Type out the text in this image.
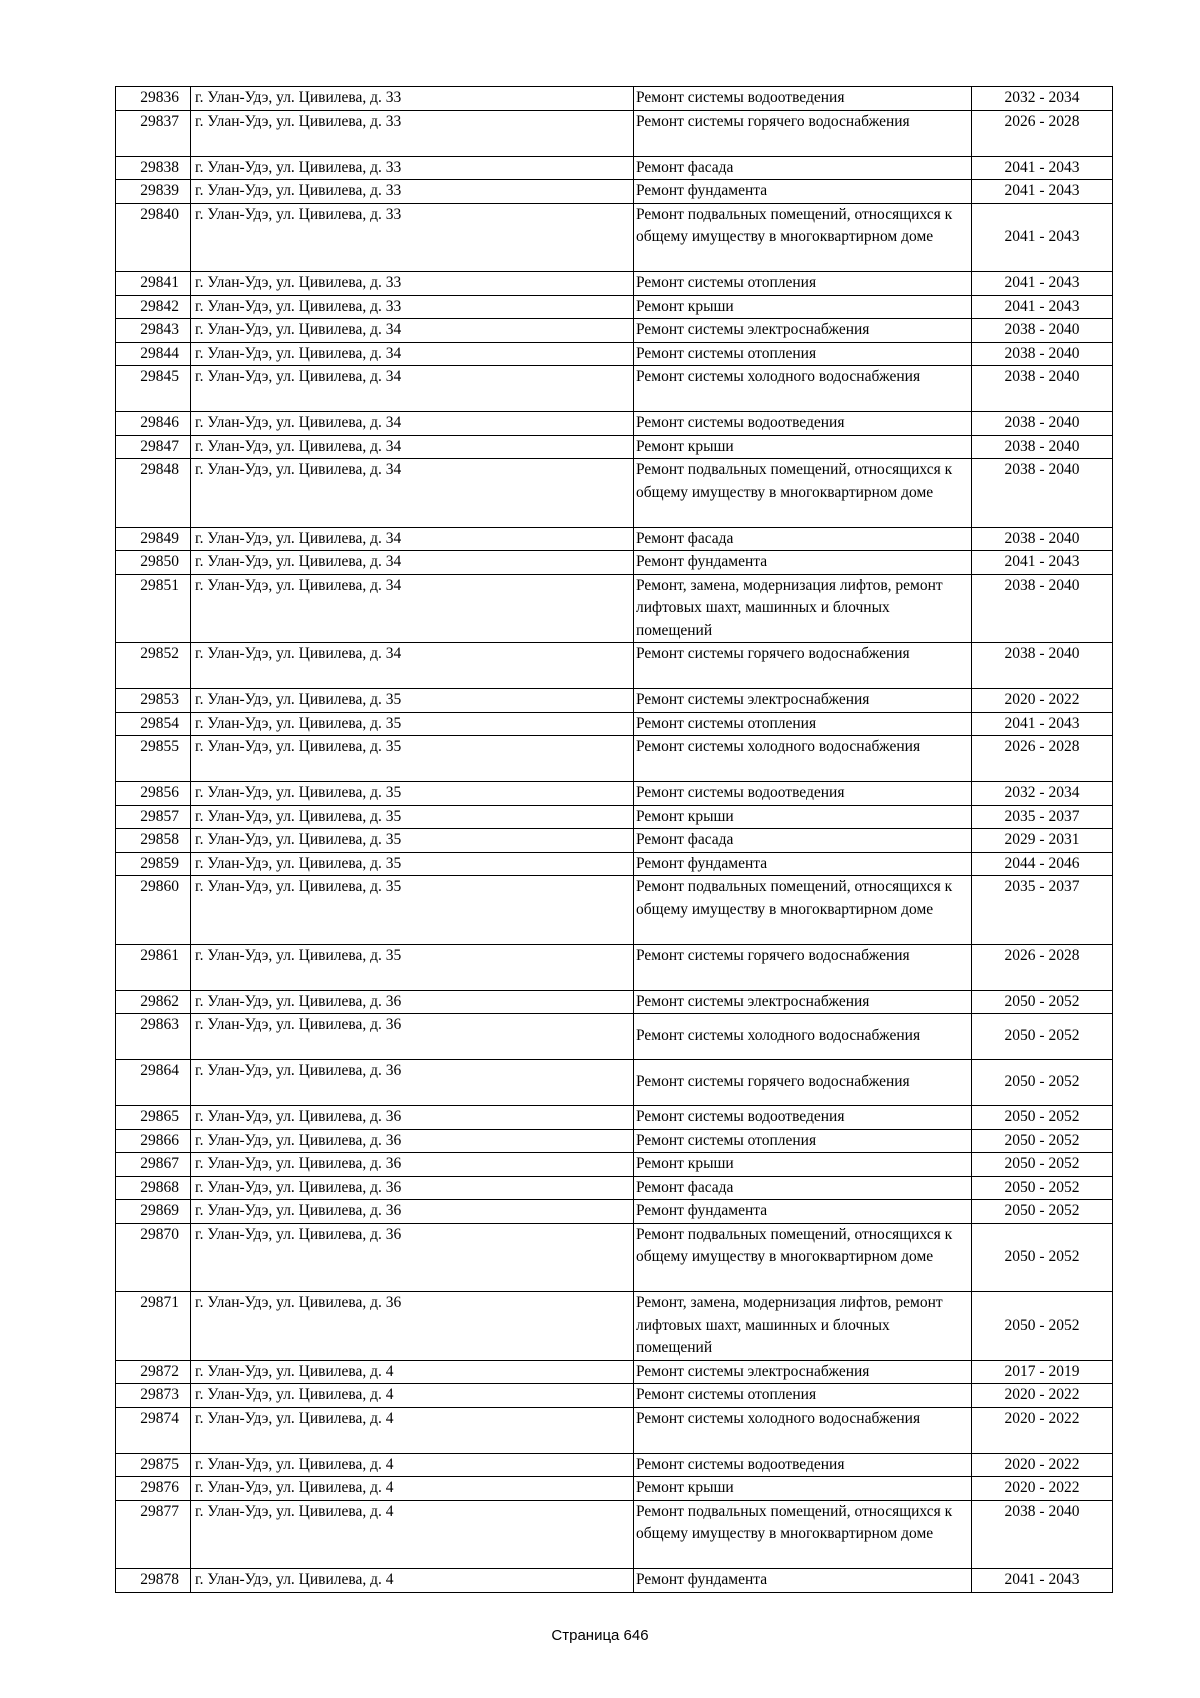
29836	г. Улан-Удэ, ул. Цивилева, д. 33	Ремонт системы водоотведения	2032 - 2034
29837	г. Улан-Удэ, ул. Цивилева, д. 33	Ремонт системы горячего водоснабжения	2026 - 2028
29838	г. Улан-Удэ, ул. Цивилева, д. 33	Ремонт фасада	2041 - 2043
29839	г. Улан-Удэ, ул. Цивилева, д. 33	Ремонт фундамента	2041 - 2043
29840	г. Улан-Удэ, ул. Цивилева, д. 33	Ремонт подвальных помещений, относящихся к общему имуществу в многоквартирном доме	2041 - 2043
29841	г. Улан-Удэ, ул. Цивилева, д. 33	Ремонт системы отопления	2041 - 2043
29842	г. Улан-Удэ, ул. Цивилева, д. 33	Ремонт крыши	2041 - 2043
29843	г. Улан-Удэ, ул. Цивилева, д. 34	Ремонт системы электроснабжения	2038 - 2040
29844	г. Улан-Удэ, ул. Цивилева, д. 34	Ремонт системы отопления	2038 - 2040
29845	г. Улан-Удэ, ул. Цивилева, д. 34	Ремонт системы холодного водоснабжения	2038 - 2040
29846	г. Улан-Удэ, ул. Цивилева, д. 34	Ремонт системы водоотведения	2038 - 2040
29847	г. Улан-Удэ, ул. Цивилева, д. 34	Ремонт крыши	2038 - 2040
29848	г. Улан-Удэ, ул. Цивилева, д. 34	Ремонт подвальных помещений, относящихся к общему имуществу в многоквартирном доме	2038 - 2040
29849	г. Улан-Удэ, ул. Цивилева, д. 34	Ремонт фасада	2038 - 2040
29850	г. Улан-Удэ, ул. Цивилева, д. 34	Ремонт фундамента	2041 - 2043
29851	г. Улан-Удэ, ул. Цивилева, д. 34	Ремонт, замена, модернизация лифтов, ремонт лифтовых шахт, машинных и блочных помещений	2038 - 2040
29852	г. Улан-Удэ, ул. Цивилева, д. 34	Ремонт системы горячего водоснабжения	2038 - 2040
29853	г. Улан-Удэ, ул. Цивилева, д. 35	Ремонт системы электроснабжения	2020 - 2022
29854	г. Улан-Удэ, ул. Цивилева, д. 35	Ремонт системы отопления	2041 - 2043
29855	г. Улан-Удэ, ул. Цивилева, д. 35	Ремонт системы холодного водоснабжения	2026 - 2028
29856	г. Улан-Удэ, ул. Цивилева, д. 35	Ремонт системы водоотведения	2032 - 2034
29857	г. Улан-Удэ, ул. Цивилева, д. 35	Ремонт крыши	2035 - 2037
29858	г. Улан-Удэ, ул. Цивилева, д. 35	Ремонт фасада	2029 - 2031
29859	г. Улан-Удэ, ул. Цивилева, д. 35	Ремонт фундамента	2044 - 2046
29860	г. Улан-Удэ, ул. Цивилева, д. 35	Ремонт подвальных помещений, относящихся к общему имуществу в многоквартирном доме	2035 - 2037
29861	г. Улан-Удэ, ул. Цивилева, д. 35	Ремонт системы горячего водоснабжения	2026 - 2028
29862	г. Улан-Удэ, ул. Цивилева, д. 36	Ремонт системы электроснабжения	2050 - 2052
29863	г. Улан-Удэ, ул. Цивилева, д. 36	Ремонт системы холодного водоснабжения	2050 - 2052
29864	г. Улан-Удэ, ул. Цивилева, д. 36	Ремонт системы горячего водоснабжения	2050 - 2052
29865	г. Улан-Удэ, ул. Цивилева, д. 36	Ремонт системы водоотведения	2050 - 2052
29866	г. Улан-Удэ, ул. Цивилева, д. 36	Ремонт системы отопления	2050 - 2052
29867	г. Улан-Удэ, ул. Цивилева, д. 36	Ремонт крыши	2050 - 2052
29868	г. Улан-Удэ, ул. Цивилева, д. 36	Ремонт фасада	2050 - 2052
29869	г. Улан-Удэ, ул. Цивилева, д. 36	Ремонт фундамента	2050 - 2052
29870	г. Улан-Удэ, ул. Цивилева, д. 36	Ремонт подвальных помещений, относящихся к общему имуществу в многоквартирном доме	2050 - 2052
29871	г. Улан-Удэ, ул. Цивилева, д. 36	Ремонт, замена, модернизация лифтов, ремонт лифтовых шахт, машинных и блочных помещений	2050 - 2052
29872	г. Улан-Удэ, ул. Цивилева, д. 4	Ремонт системы электроснабжения	2017 - 2019
29873	г. Улан-Удэ, ул. Цивилева, д. 4	Ремонт системы отопления	2020 - 2022
29874	г. Улан-Удэ, ул. Цивилева, д. 4	Ремонт системы холодного водоснабжения	2020 - 2022
29875	г. Улан-Удэ, ул. Цивилева, д. 4	Ремонт системы водоотведения	2020 - 2022
29876	г. Улан-Удэ, ул. Цивилева, д. 4	Ремонт крыши	2020 - 2022
29877	г. Улан-Удэ, ул. Цивилева, д. 4	Ремонт подвальных помещений, относящихся к общему имуществу в многоквартирном доме	2038 - 2040
29878	г. Улан-Удэ, ул. Цивилева, д. 4	Ремонт фундамента	2041 - 2043
Страница 646
